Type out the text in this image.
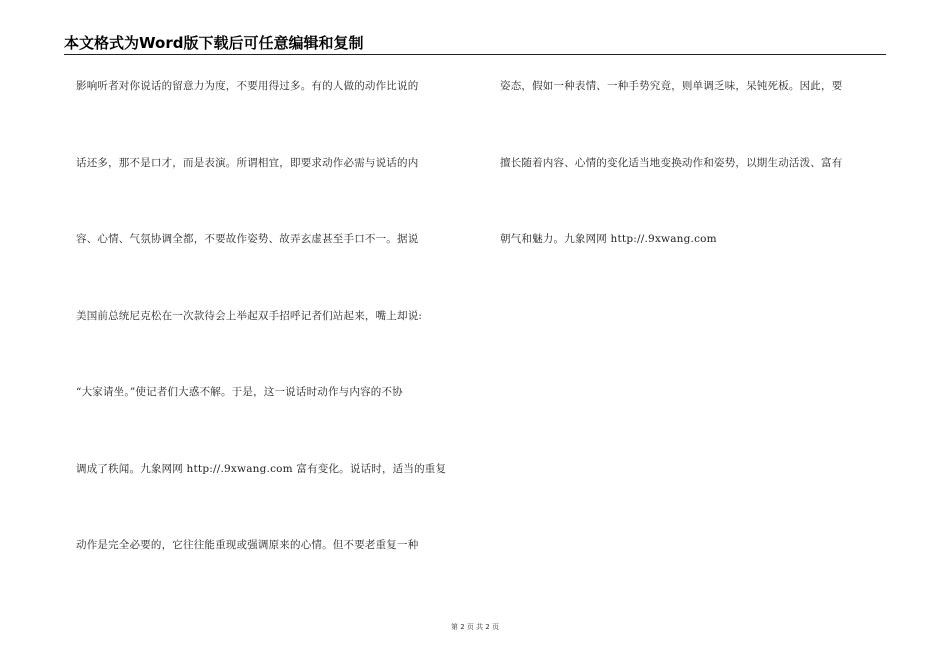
本文格式为Word版下载后可任意编辑和复制
影响听者对你说话的留意力为度，不要用得过多。有的人做的动作比说的
话还多，那不是口才，而是表演。所谓相宜，即要求动作必需与说话的内
容、心情、气氛协调全都，不要故作姿势、故弄玄虚甚至手口不一。据说
美国前总统尼克松在一次款待会上举起双手招呼记者们站起来，嘴上却说:
“大家请坐。”使记者们大惑不解。于是，这一说话时动作与内容的不协
调成了秩闻。九象网网 http://.9xwang.com 富有变化。说话时，适当的重复
动作是完全必要的，它往往能重现或强调原来的心情。但不要老重复一种
姿态，假如一种表情、一种手势究竟，则单调乏味，呆钝死板。因此，要
擅长随着内容、心情的变化适当地变换动作和姿势，以期生动活泼、富有
朝气和魅力。九象网网 http://.9xwang.com
第 2 页 共 2 页
